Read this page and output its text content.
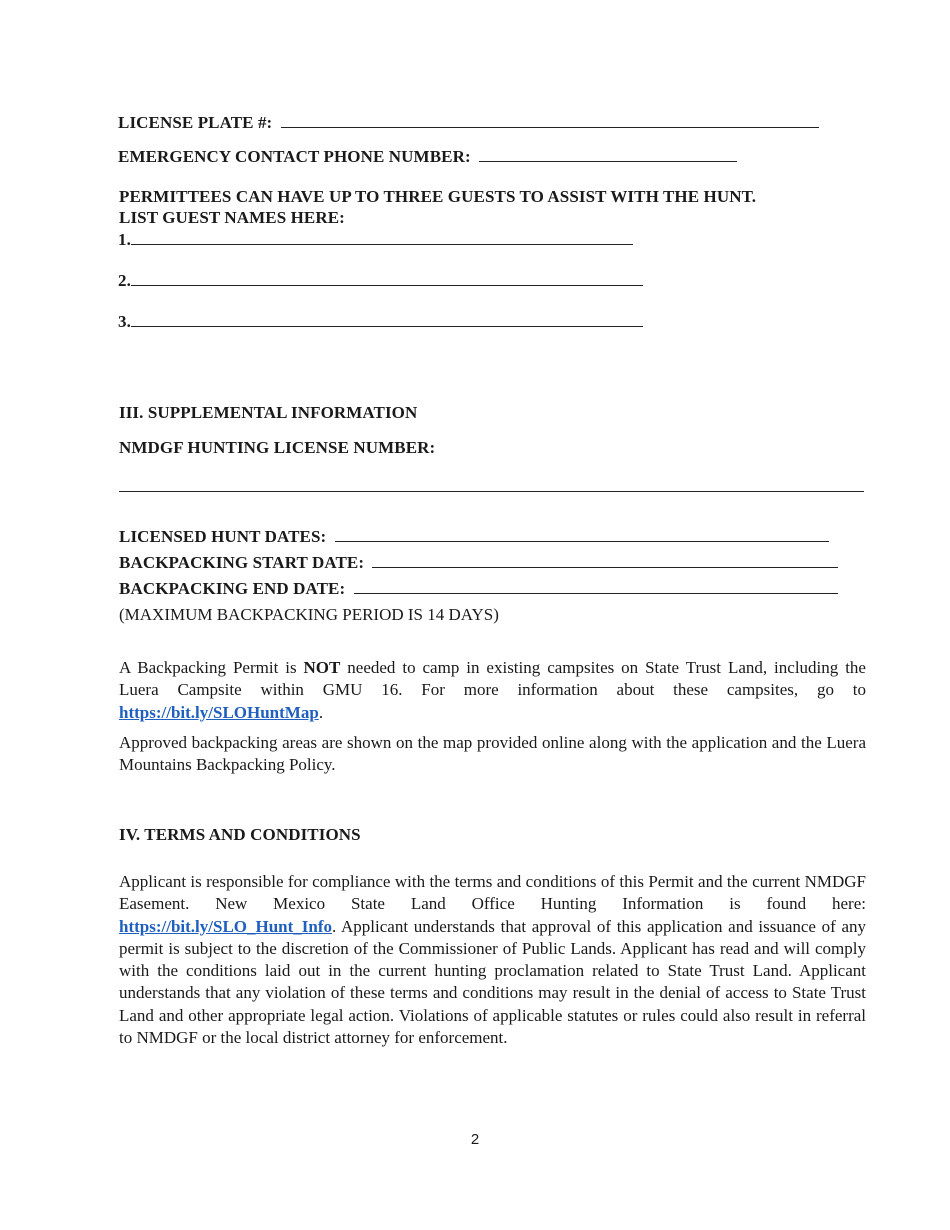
LICENSE PLATE #:
EMERGENCY CONTACT PHONE NUMBER:
PERMITTEES CAN HAVE UP TO THREE GUESTS TO ASSIST WITH THE HUNT.
LIST GUEST NAMES HERE:
1.
2.
3.
III. SUPPLEMENTAL INFORMATION
NMDGF HUNTING LICENSE NUMBER:
LICENSED HUNT DATES:
BACKPACKING START DATE:
BACKPACKING END DATE:
(MAXIMUM BACKPACKING PERIOD IS 14 DAYS)

A Backpacking Permit is NOT needed to camp in existing campsites on State Trust Land, including the Luera Campsite within GMU 16. For more information about these campsites, go to https://bit.ly/SLOHuntMap.

Approved backpacking areas are shown on the map provided online along with the application and the Luera Mountains Backpacking Policy.

IV. TERMS AND CONDITIONS

Applicant is responsible for compliance with the terms and conditions of this Permit and the current NMDGF Easement. New Mexico State Land Office Hunting Information is found here: https://bit.ly/SLO_Hunt_Info. Applicant understands that approval of this application and issuance of any permit is subject to the discretion of the Commissioner of Public Lands. Applicant has read and will comply with the conditions laid out in the current hunting proclamation related to State Trust Land. Applicant understands that any violation of these terms and conditions may result in the denial of access to State Trust Land and other appropriate legal action. Violations of applicable statutes or rules could also result in referral to NMDGF or the local district attorney for enforcement.

2
